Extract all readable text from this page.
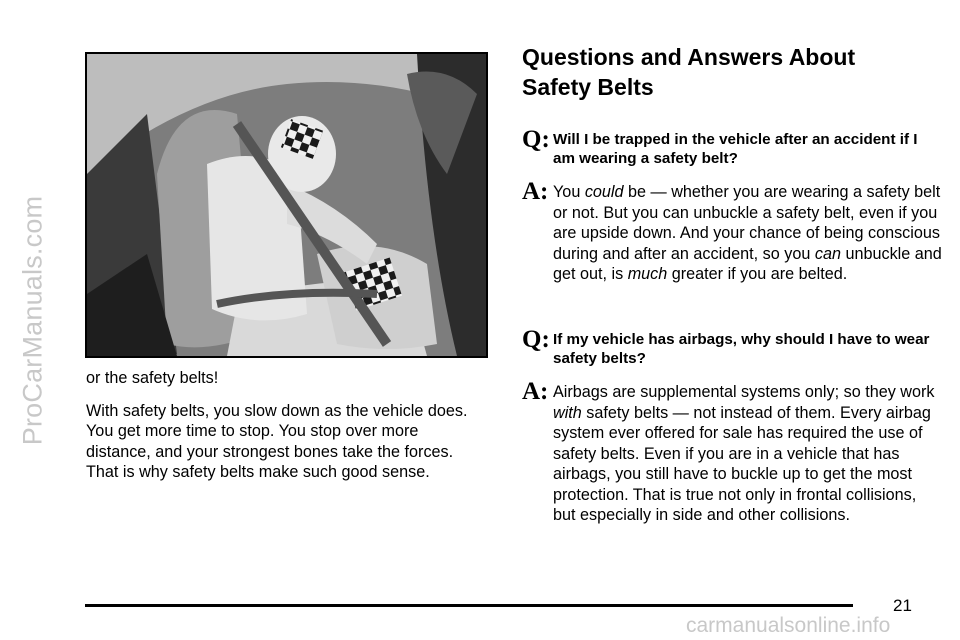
ProCarManuals.com or the safety belts!

With safety belts, you slow down as the vehicle does. You get more time to stop. You stop over more distance, and your strongest bones take the forces. That is why safety belts make such good sense.

Questions and Answers About Safety Belts
Q: Will I be trapped in the vehicle after an accident if I am wearing a safety belt?
A: You could be — whether you are wearing a safety belt or not. But you can unbuckle a safety belt, even if you are upside down. And your chance of being conscious during and after an accident, so you can unbuckle and get out, is much greater if you are belted.
Q: If my vehicle has airbags, why should I have to wear safety belts?
A: Airbags are supplemental systems only; so they work with safety belts — not instead of them. Every airbag system ever offered for sale has required the use of safety belts. Even if you are in a vehicle that has airbags, you still have to buckle up to get the most protection. That is true not only in frontal collisions, but especially in side and other collisions.
21
carmanualsonline.info
